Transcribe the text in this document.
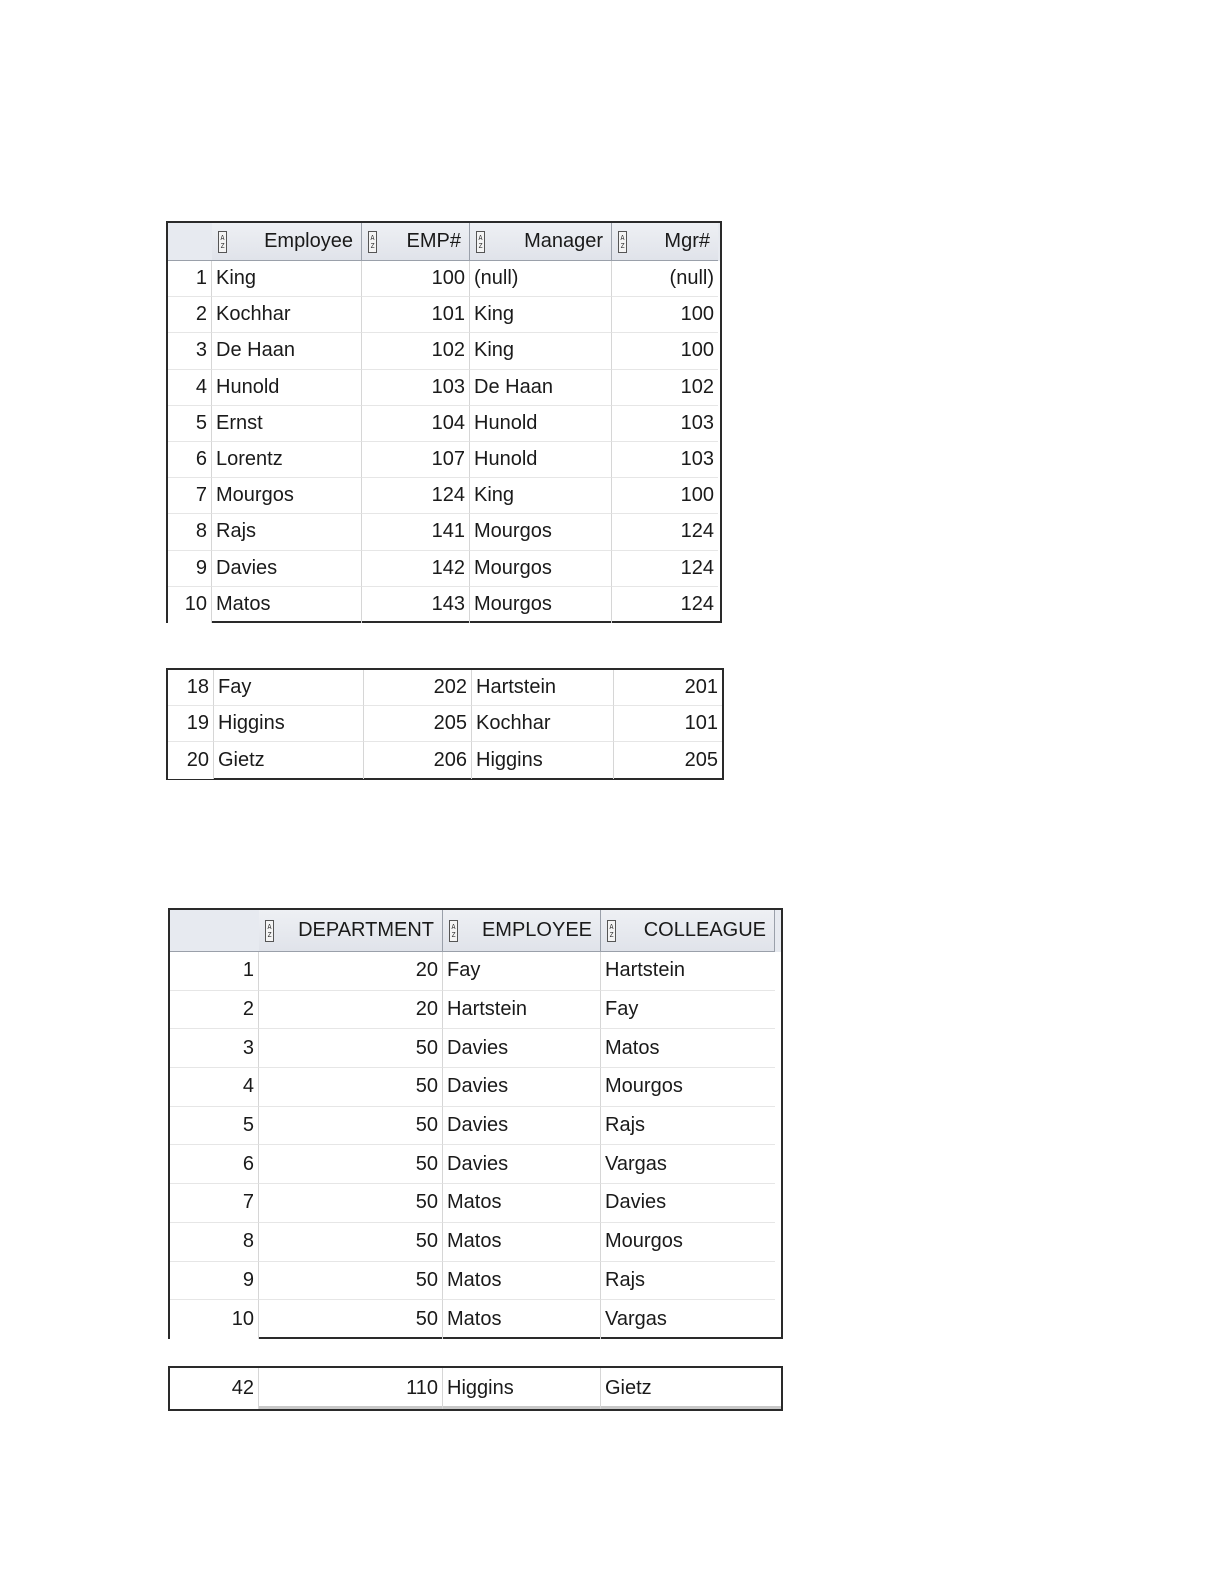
A
Z Employee A
Z EMP# A
Z Manager A
Z Mgr#
1 King	100 (null)	(null)
2 Kochhar	101 King	100
3 De Haan	102 King	100
4 Hunold	103 De Haan	102
5 Ernst	104 Hunold	103
6 Lorentz	107 Hunold	103
7 Mourgos	124 King	100
8 Rajs	141 Mourgos	124
9 Davies	142 Mourgos	124
10 Matos	143 Mourgos	124
18 Fay	202 Hartstein	201
19 Higgins	205 Kochhar	101
20 Gietz	206 Higgins	205
A
Z DEPARTMENT A
Z EMPLOYEE A
Z COLLEAGUE
1	20 Fay	Hartstein
2	20 Hartstein	Fay
3	50 Davies	Matos
4	50 Davies	Mourgos
5	50 Davies	Rajs
6	50 Davies	Vargas
7	50 Matos	Davies
8	50 Matos	Mourgos
9	50 Matos	Rajs
10	50 Matos	Vargas
42	110 Higgins	Gietz
